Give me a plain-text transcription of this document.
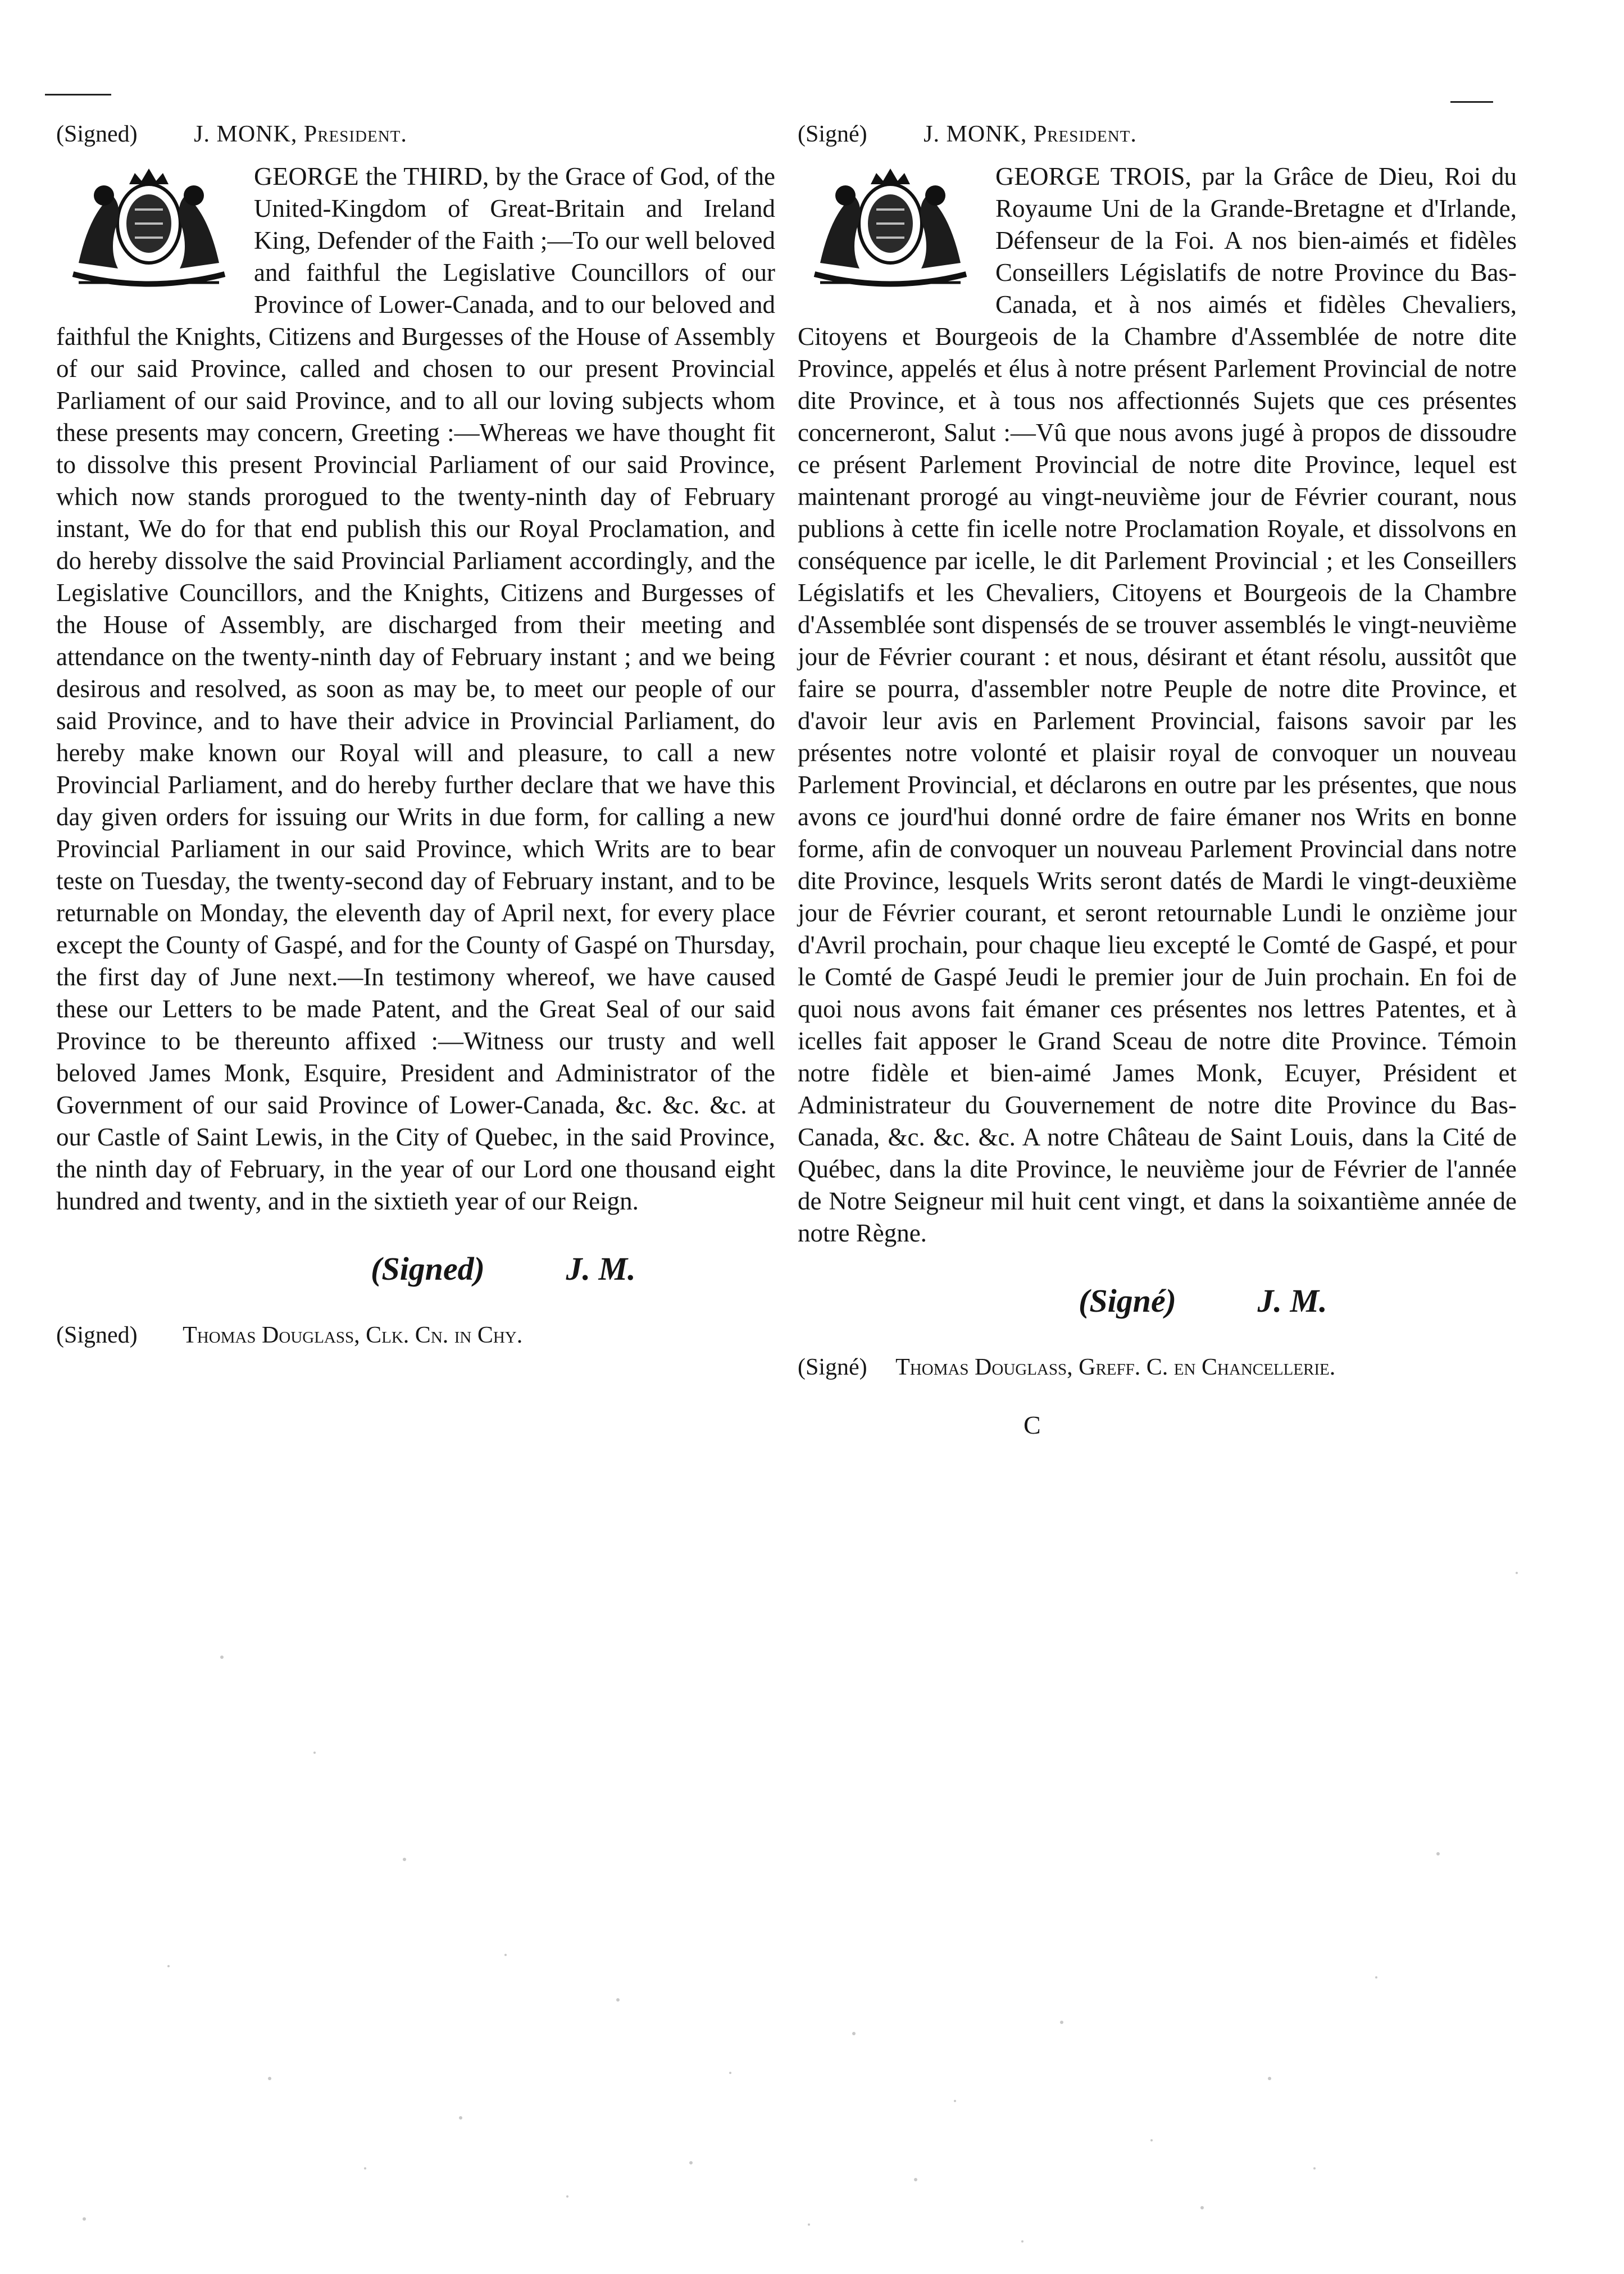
(Signed) J. MONK, President.

GEORGE the THIRD, by the Grace of God, of the United-Kingdom of Great-Britain and Ireland King, Defender of the Faith ;—To our well beloved and faithful the Legislative Councillors of our Province of Lower-Canada, and to our beloved and faithful the Knights, Citizens and Burgesses of the House of Assembly of our said Province, called and chosen to our present Provincial Parliament of our said Province, and to all our loving subjects whom these presents may concern, Greeting :—Whereas we have thought fit to dissolve this present Provincial Parliament of our said Province, which now stands prorogued to the twenty-ninth day of February instant, We do for that end publish this our Royal Proclamation, and do hereby dissolve the said Provincial Parliament accordingly, and the Legislative Councillors, and the Knights, Citizens and Burgesses of the House of Assembly, are discharged from their meeting and attendance on the twenty-ninth day of February instant ; and we being desirous and resolved, as soon as may be, to meet our people of our said Province, and to have their advice in Provincial Parliament, do hereby make known our Royal will and pleasure, to call a new Provincial Parliament, and do hereby further declare that we have this day given orders for issuing our Writs in due form, for calling a new Provincial Parliament in our said Province, which Writs are to bear teste on Tuesday, the twenty-second day of February instant, and to be returnable on Monday, the eleventh day of April next, for every place except the County of Gaspé, and for the County of Gaspé on Thursday, the first day of June next.—In testimony whereof, we have caused these our Letters to be made Patent, and the Great Seal of our said Province to be thereunto affixed :—Witness our trusty and well beloved James Monk, Esquire, President and Administrator of the Government of our said Province of Lower-Canada, &c. &c. &c. at our Castle of Saint Lewis, in the City of Quebec, in the said Province, the ninth day of February, in the year of our Lord one thousand eight hundred and twenty, and in the sixtieth year of our Reign.

(Signed) J. M.
(Signed) Thomas Douglass, Clk. Cn. in Chy.
(Signé) J. MONK, President.

GEORGE TROIS, par la Grâce de Dieu, Roi du Royaume Uni de la Grande-Bretagne et d'Irlande, Défenseur de la Foi. A nos bien-aimés et fidèles Conseillers Législatifs de notre Province du Bas-Canada, et à nos aimés et fidèles Chevaliers, Citoyens et Bourgeois de la Chambre d'Assemblée de notre dite Province, appelés et élus à notre présent Parlement Provincial de notre dite Province, et à tous nos affectionnés Sujets que ces présentes concerneront, Salut :—Vû que nous avons jugé à propos de dissoudre ce présent Parlement Provincial de notre dite Province, lequel est maintenant prorogé au vingt-neuvième jour de Février courant, nous publions à cette fin icelle notre Proclamation Royale, et dissolvons en conséquence par icelle, le dit Parlement Provincial ; et les Conseillers Législatifs et les Chevaliers, Citoyens et Bourgeois de la Chambre d'Assemblée sont dispensés de se trouver assemblés le vingt-neuvième jour de Février courant : et nous, désirant et étant résolu, aussitôt que faire se pourra, d'assembler notre Peuple de notre dite Province, et d'avoir leur avis en Parlement Provincial, faisons savoir par les présentes notre volonté et plaisir royal de convoquer un nouveau Parlement Provincial, et déclarons en outre par les présentes, que nous avons ce jourd'hui donné ordre de faire émaner nos Writs en bonne forme, afin de convoquer un nouveau Parlement Provincial dans notre dite Province, lesquels Writs seront datés de Mardi le vingt-deuxième jour de Février courant, et seront retournable Lundi le onzième jour d'Avril prochain, pour chaque lieu excepté le Comté de Gaspé, et pour le Comté de Gaspé Jeudi le premier jour de Juin prochain. En foi de quoi nous avons fait émaner ces présentes nos lettres Patentes, et à icelles fait apposer le Grand Sceau de notre dite Province. Témoin notre fidèle et bien-aimé James Monk, Ecuyer, Président et Administrateur du Gouvernement de notre dite Province du Bas-Canada, &c. &c. &c. A notre Château de Saint Louis, dans la Cité de Québec, dans la dite Province, le neuvième jour de Février de l'année de Notre Seigneur mil huit cent vingt, et dans la soixantième année de notre Règne.

(Signé) J. M.
(Signé) Thomas Douglass, Greff. C. en Chancellerie.
C
